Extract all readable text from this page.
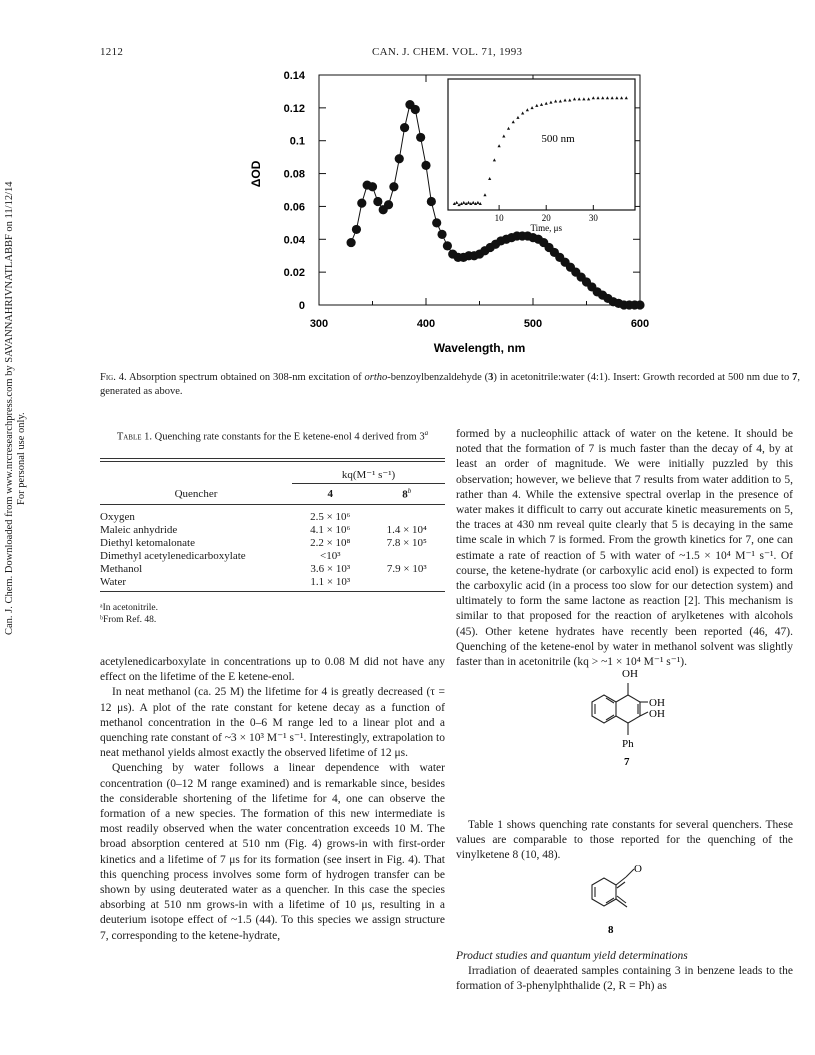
1212	CAN. J. CHEM. VOL. 71, 1993
Can. J. Chem. Downloaded from www.nrcresearchpress.com by SAVANNAHRIVNATLABBF on 11/12/14 For personal use only.
0
0.02
0.04
0.06
0.08
0.1
0.12
0.14
300	400	500	600
Wavelength, nm
ΔOD
10	20	30
Time, μs
500 nm
Fig. 4. Absorption spectrum obtained on 308-nm excitation of ortho-benzoylbenzaldehyde (3) in acetonitrile:water (4:1). Insert: Growth recorded at 500 nm due to 7, generated as above.
Table 1. Quenching rate constants for the E ketene-enol 4 derived from 3$^a$
	kq(M⁻¹ s⁻¹)	
Quencher	4	8$^b$
Oxygen	2.5 × 10⁶	
Maleic anhydride	4.1 × 10⁶	1.4 × 10⁴
Diethyl ketomalonate	2.2 × 10⁸	7.8 × 10⁵
Dimethyl acetylenedicarboxylate	<10³	
Methanol	3.6 × 10³	7.9 × 10³
Water	1.1 × 10³	
ᵃIn acetonitrile.
ᵇFrom Ref. 48.

acetylenedicarboxylate in concentrations up to 0.08 M did not have any effect on the lifetime of the E ketene-enol.

In neat methanol (ca. 25 M) the lifetime for 4 is greatly decreased (τ = 12 μs). A plot of the rate constant for ketene decay as a function of methanol concentration in the 0–6 M range led to a linear plot and a quenching rate constant of ~3 × 10³ M⁻¹ s⁻¹. Interestingly, extrapolation to neat methanol yields almost exactly the observed lifetime of 12 μs.

Quenching by water follows a linear dependence with water concentration (0–12 M range examined) and is remarkable since, besides the considerable shortening of the lifetime for 4, one can observe the formation of a new species. The formation of this new intermediate is most readily observed when the water concentration exceeds 10 M. The broad absorption centered at 510 nm (Fig. 4) grows-in with first-order kinetics and a lifetime of 7 μs for its formation (see insert in Fig. 4). That this quenching process involves some form of hydrogen transfer can be shown by using deuterated water as a quencher. In this case the species absorbing at 510 nm grows-in with a lifetime of 10 μs, resulting in a deuterium isotope effect of ~1.5 (44). To this species we assign structure 7, corresponding to the ketene-hydrate,

formed by a nucleophilic attack of water on the ketene. It should be noted that the formation of 7 is much faster than the decay of 4, by at least an order of magnitude. We were initially puzzled by this observation; however, we believe that 7 results from water addition to 5, rather than 4. While the extensive spectral overlap in the presence of water makes it difficult to carry out accurate kinetic measurements on 5, the traces at 430 nm reveal quite clearly that 5 is decaying in the same time scale in which 7 is formed. From the growth kinetics for 7, one can estimate a rate of reaction of 5 with water of ~1.5 × 10⁴ M⁻¹ s⁻¹. Of course, the ketene-hydrate (or carboxylic acid enol) is expected to form the carboxylic acid (in a process too slow for our detection system) and ultimately to form the same lactone as reaction [2]. This mechanism is similar to that proposed for the reaction of arylketenes with alcohols (45). Other ketene hydrates have recently been reported (46, 47). Quenching of the ketene-enol by water in methanol solvent was slightly faster than in acetonitrile (kq > ~1 × 10⁴ M⁻¹ s⁻¹).

OH
OH
OH
Ph
7

Table 1 shows quenching rate constants for several quenchers. These values are comparable to those reported for the quenching of the vinylketene 8 (10, 48).

O
8

Product studies and quantum yield determinations

Irradiation of deaerated samples containing 3 in benzene leads to the formation of 3-phenylphthalide (2, R = Ph) as
